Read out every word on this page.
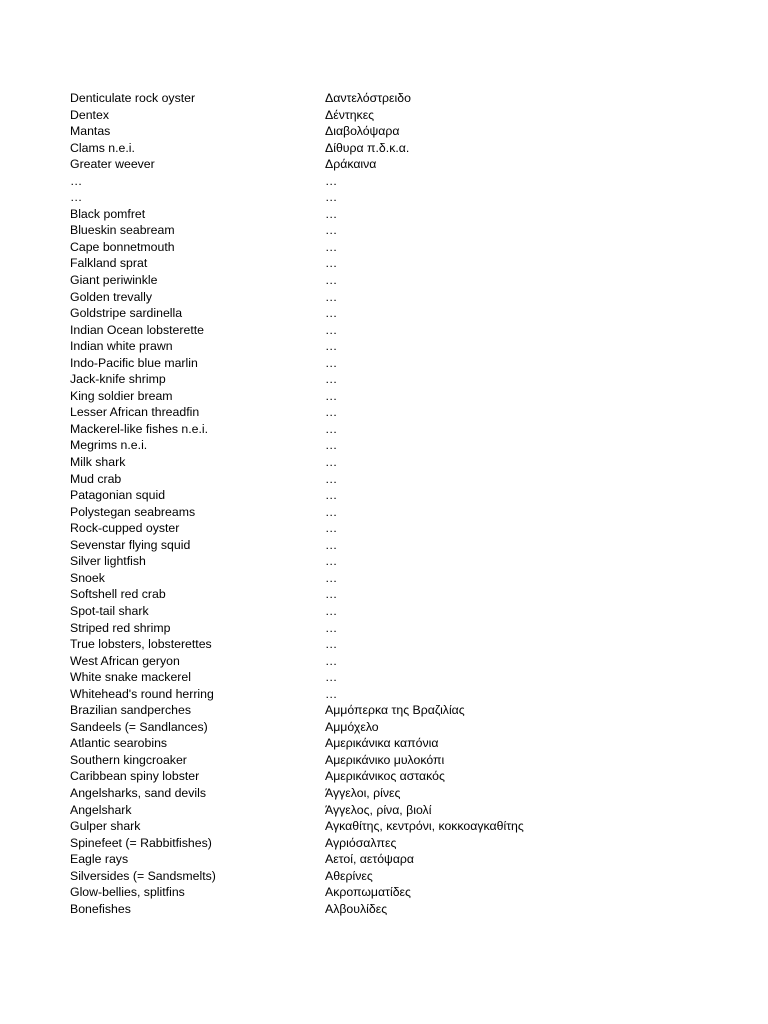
Denticulate rock oyster	Δαντελόστρειδο
Dentex	Δέντηκες
Mantas	Διαβολόψαρα
Clams n.e.i.	Δίθυρα π.δ.κ.α.
Greater weever	Δράκαινα
…	…
…	…
Black pomfret	…
Blueskin seabream	…
Cape bonnetmouth	…
Falkland sprat	…
Giant periwinkle	…
Golden trevally	…
Goldstripe sardinella	…
Indian Ocean lobsterette	…
Indian white prawn	…
Indo-Pacific blue marlin	…
Jack-knife shrimp	…
King soldier bream	…
Lesser African threadfin	…
Mackerel-like fishes n.e.i.	…
Megrims n.e.i.	…
Milk shark	…
Mud crab	…
Patagonian squid	…
Polystegan seabreams	…
Rock-cupped oyster	…
Sevenstar flying squid	…
Silver lightfish	…
Snoek	…
Softshell red crab	…
Spot-tail shark	…
Striped red shrimp	…
True lobsters, lobsterettes	…
West African geryon	…
White snake mackerel	…
Whitehead's round herring	…
Brazilian sandperches	Αμμόπερκα της Βραζιλίας
Sandeels (= Sandlances)	Αμμόχελο
Atlantic searobins	Αμερικάνικα καπόνια
Southern kingcroaker	Αμερικάνικο μυλοκόπι
Caribbean spiny lobster	Αμερικάνικος αστακός
Angelsharks, sand devils	Άγγελοι, ρίνες
Angelshark	Άγγελος, ρίνα, βιολί
Gulper shark	Αγκαθίτης, κεντρόνι, κοκκοαγκαθίτης
Spinefeet (= Rabbitfishes)	Αγριόσαλπες
Eagle rays	Αετοί, αετόψαρα
Silversides (= Sandsmelts)	Αθερίνες
Glow-bellies, splitfins	Ακροπωματίδες
Bonefishes	Αλβουλίδες
